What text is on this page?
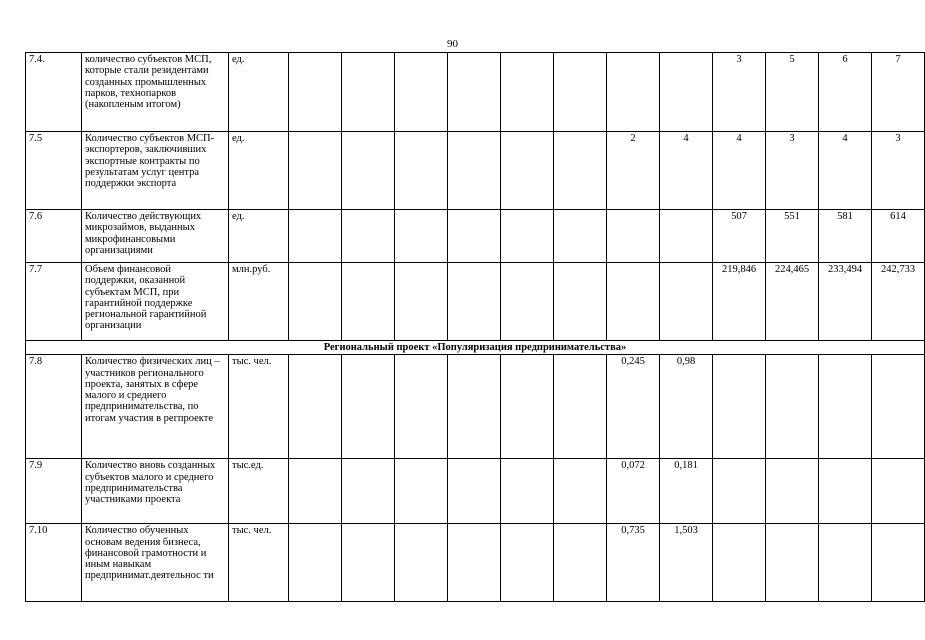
90
7.4.	количество субъектов МСП, которые стали резидентами созданных промышленных парков, технопарков (накопленым итогом)	ед.									3	5	6	7
7.5	Количество субъектов МСП-экспортеров, заключивших экспортные контракты по результатам услуг центра поддержки экспорта	ед.							2	4	4	3	4	3
7.6	Количество действующих микрозаймов, выданных микрофинансовыми организациями	ед.									507	551	581	614
7.7	Объем финансовой поддержки, оказанной субъектам МСП, при гарантийной поддержке региональной гарантийной организации	млн.руб.									219,846	224,465	233,494	242,733
Региональный проект «Популяризация предпринимательства»														
7.8	Количество физических лиц – участников регионального проекта, занятых в сфере малого и среднего предпринимательства, по итогам участия в регпроекте	тыс. чел.							0,245	0,98				
7.9	Количество вновь созданных субъектов малого и среднего предпринимательства участниками проекта	тыс.ед.							0,072	0,181				
7.10	Количество обученных основам ведения бизнеса, финансовой грамотности и иным навыкам предпринимат.деятельнос ти	тыс. чел.							0,735	1,503				
